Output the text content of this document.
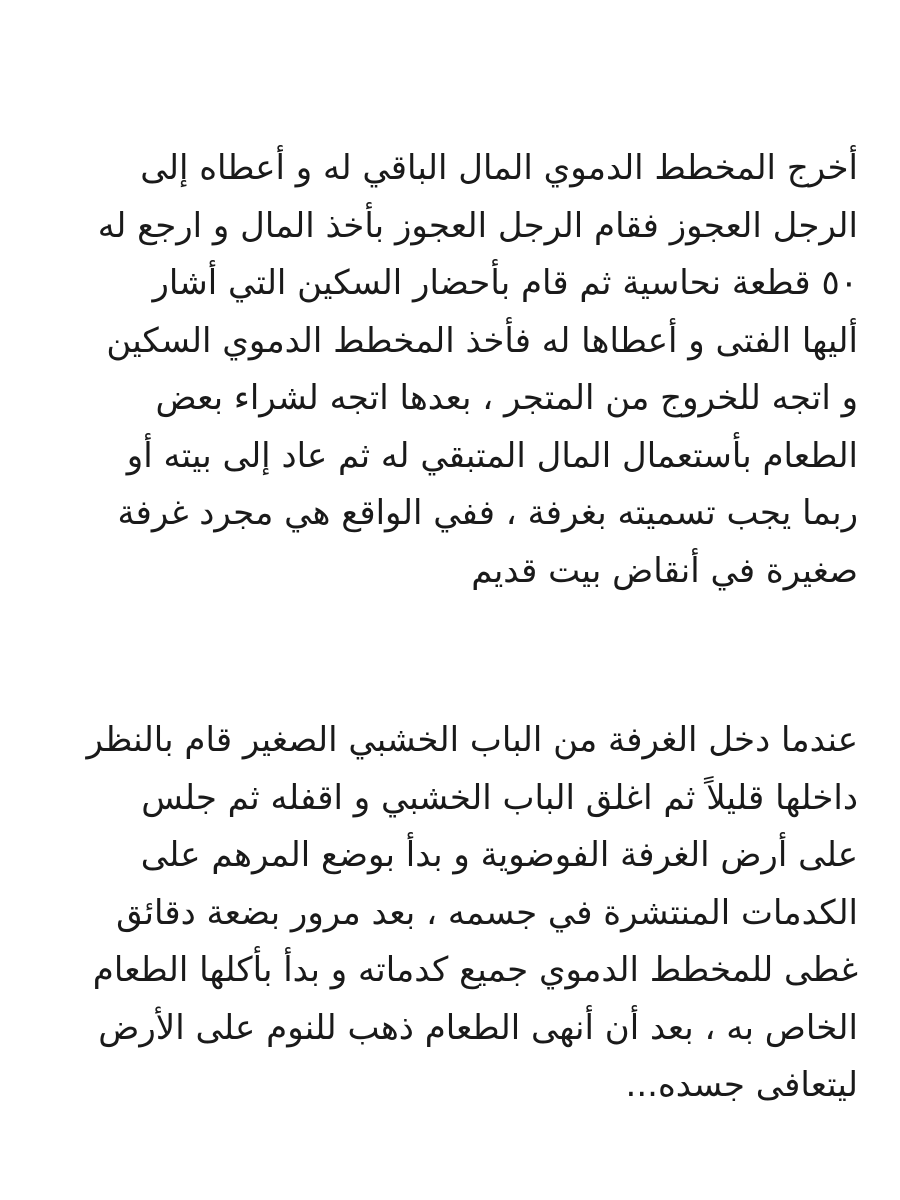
أخرج المخطط الدموي المال الباقي له و أعطاه إلى
الرجل العجوز فقام الرجل العجوز بأخذ المال و ارجع له
٥٠ قطعة نحاسية ثم قام بأحضار السكين التي أشار
أليها الفتى و أعطاها له فأخذ المخطط الدموي السكين
و اتجه للخروج من المتجر ، بعدها اتجه لشراء بعض
الطعام بأستعمال المال المتبقي له ثم عاد إلى بيته أو
ربما يجب تسميته بغرفة ، ففي الواقع هي مجرد غرفة
صغيرة في أنقاض بيت قديم
عندما دخل الغرفة من الباب الخشبي الصغير قام بالنظر
داخلها قليلاً ثم اغلق الباب الخشبي و اقفله ثم جلس
على أرض الغرفة الفوضوية و بدأ بوضع المرهم على
الكدمات المنتشرة في جسمه ، بعد مرور بضعة دقائق
غطى للمخطط الدموي جميع كدماته و بدأ بأكلها الطعام
الخاص به ، بعد أن أنهى الطعام ذهب للنوم على الأرض
ليتعافى جسده...
